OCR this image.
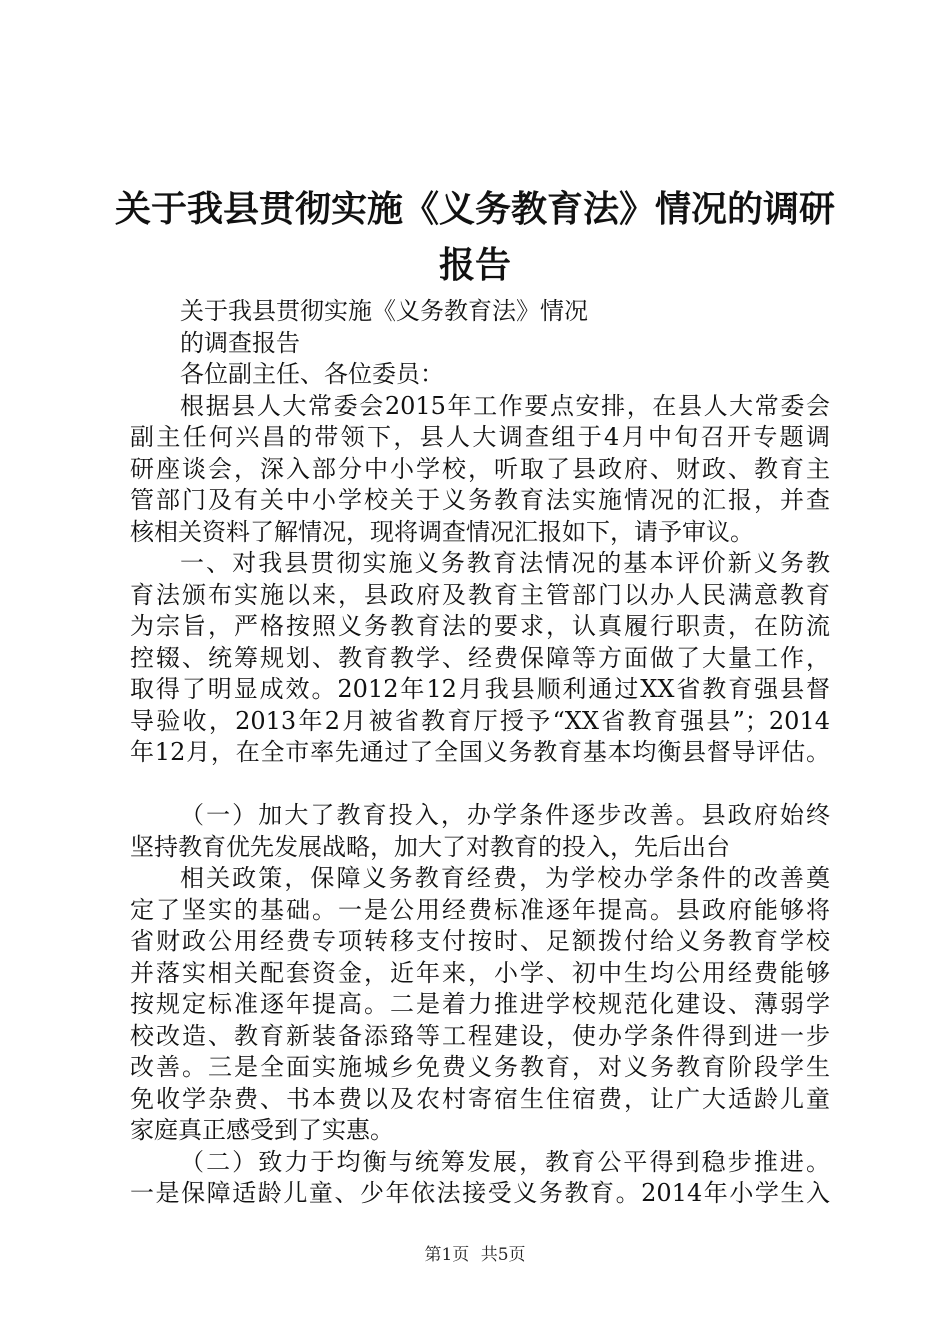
关于我县贯彻实施《义务教育法》情况的调研
报告
关于我县贯彻实施《义务教育法》情况
的调查报告
各位副主任、各位委员：
根据县人大常委会2015年工作要点安排，在县人大常委会
副主任何兴昌的带领下，县人大调查组于4月中旬召开专题调
研座谈会，深入部分中小学校，听取了县政府、财政、教育主
管部门及有关中小学校关于义务教育法实施情况的汇报，并查
核相关资料了解情况，现将调查情况汇报如下，请予审议。
一、对我县贯彻实施义务教育法情况的基本评价新义务教
育法颁布实施以来，县政府及教育主管部门以办人民满意教育
为宗旨，严格按照义务教育法的要求，认真履行职责，在防流
控辍、统筹规划、教育教学、经费保障等方面做了大量工作，
取得了明显成效。2012年12月我县顺利通过XX省教育强县督
导验收，2013年2月被省教育厅授予“XX省教育强县”；2014
年12月，在全市率先通过了全国义务教育基本均衡县督导评估。
（一）加大了教育投入，办学条件逐步改善。县政府始终
坚持教育优先发展战略，加大了对教育的投入，先后出台
相关政策，保障义务教育经费，为学校办学条件的改善奠
定了坚实的基础。一是公用经费标准逐年提高。县政府能够将
省财政公用经费专项转移支付按时、足额拨付给义务教育学校
并落实相关配套资金，近年来，小学、初中生均公用经费能够
按规定标准逐年提高。二是着力推进学校规范化建设、薄弱学
校改造、教育新装备添臵等工程建设，使办学条件得到进一步
改善。三是全面实施城乡免费义务教育，对义务教育阶段学生
免收学杂费、书本费以及农村寄宿生住宿费，让广大适龄儿童
家庭真正感受到了实惠。
（二）致力于均衡与统筹发展，教育公平得到稳步推进。
一是保障适龄儿童、少年依法接受义务教育。2014年小学生入
第1页 共5页
